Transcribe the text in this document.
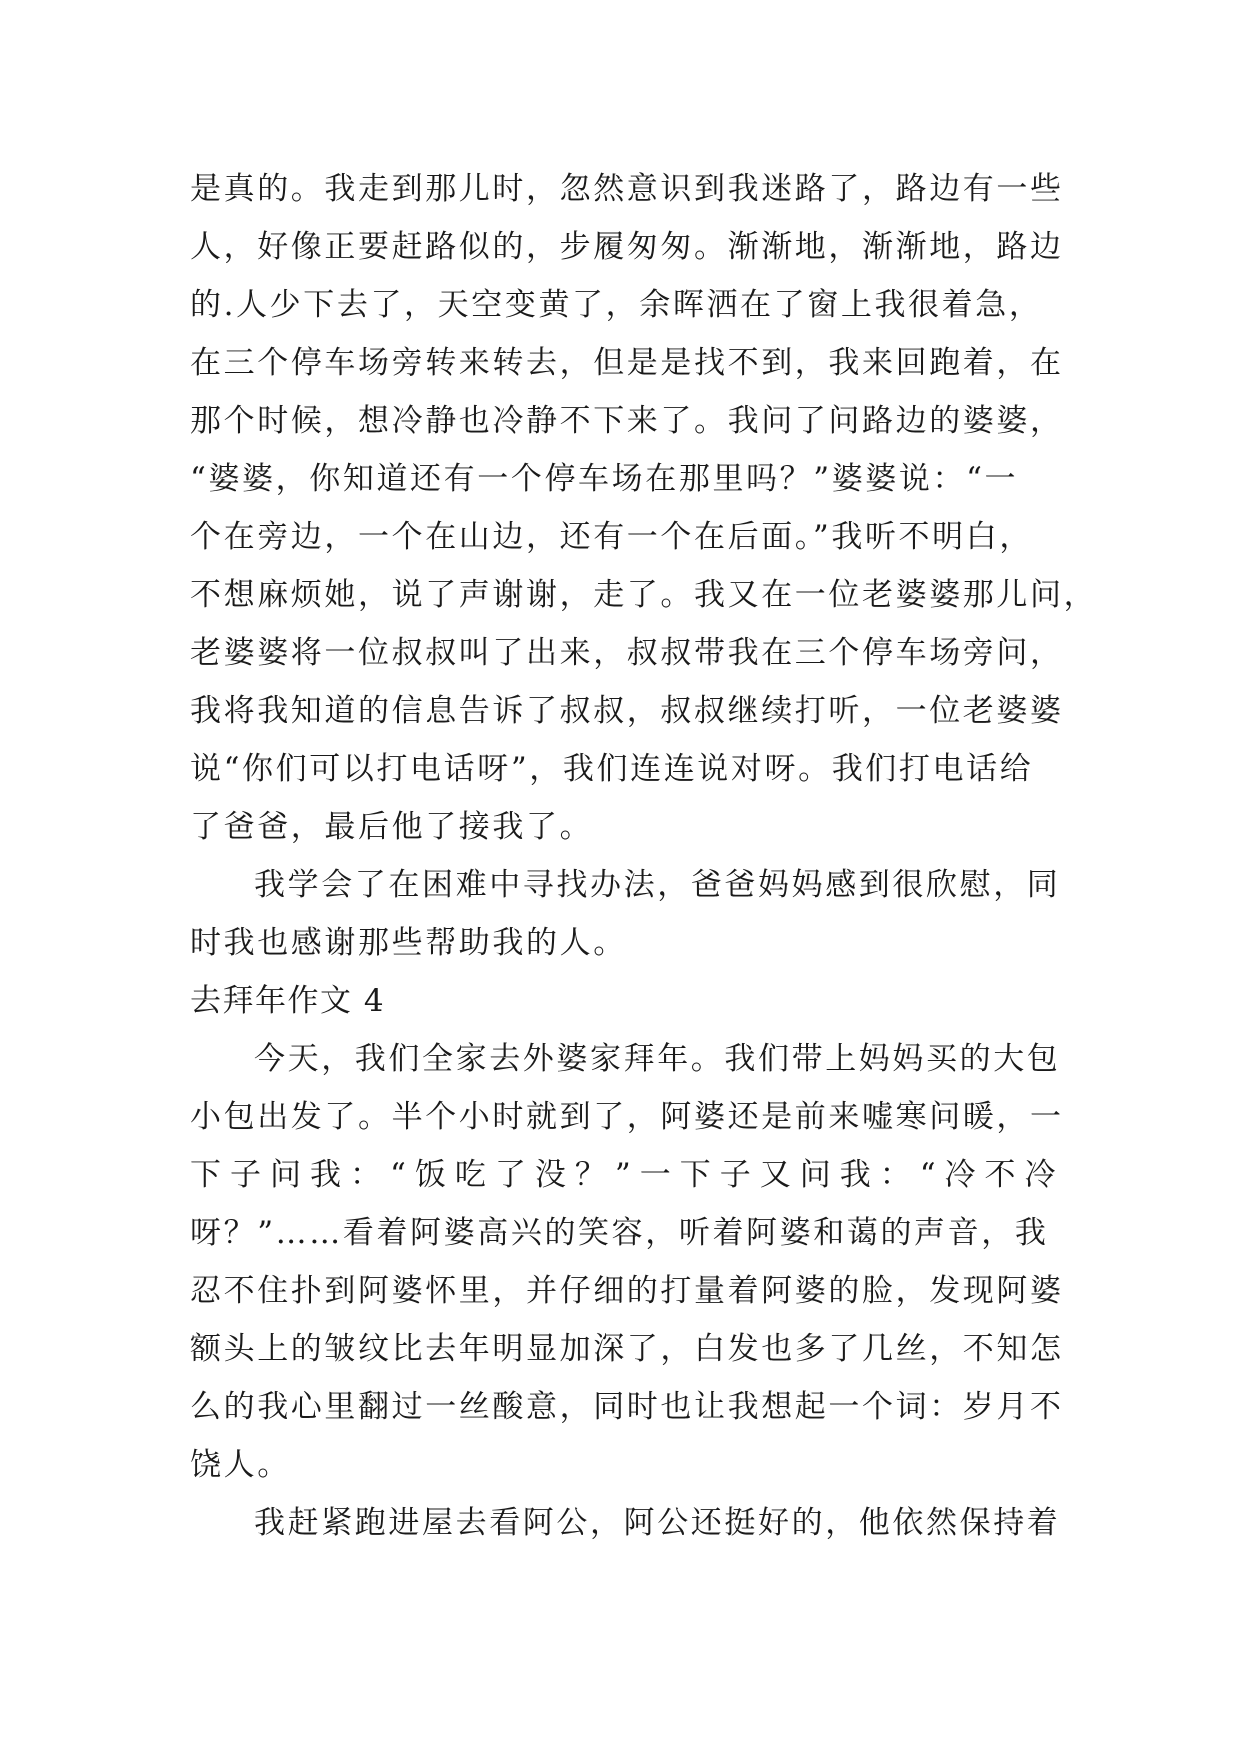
是真的。我走到那儿时，忽然意识到我迷路了，路边有一些
人，好像正要赶路似的，步履匆匆。渐渐地，渐渐地，路边
的.人少下去了，天空变黄了，余晖洒在了窗上我很着急，
在三个停车场旁转来转去，但是是找不到，我来回跑着，在
那个时候，想冷静也冷静不下来了。我问了问路边的婆婆，
“婆婆，你知道还有一个停车场在那里吗？”婆婆说：“一
个在旁边，一个在山边，还有一个在后面。”我听不明白，
不想麻烦她，说了声谢谢，走了。我又在一位老婆婆那儿问，
老婆婆将一位叔叔叫了出来，叔叔带我在三个停车场旁问，
我将我知道的信息告诉了叔叔，叔叔继续打听，一位老婆婆
说“你们可以打电话呀”，我们连连说对呀。我们打电话给
了爸爸，最后他了接我了。
我学会了在困难中寻找办法，爸爸妈妈感到很欣慰，同
时我也感谢那些帮助我的人。
去拜年作文 4
今天，我们全家去外婆家拜年。我们带上妈妈买的大包
小包出发了。半个小时就到了，阿婆还是前来嘘寒问暖，一
下子问我：“饭吃了没？”一下子又问我：“冷不冷
呀？”……看着阿婆高兴的笑容，听着阿婆和蔼的声音，我
忍不住扑到阿婆怀里，并仔细的打量着阿婆的脸，发现阿婆
额头上的皱纹比去年明显加深了，白发也多了几丝，不知怎
么的我心里翻过一丝酸意，同时也让我想起一个词：岁月不
饶人。
我赶紧跑进屋去看阿公，阿公还挺好的，他依然保持着
